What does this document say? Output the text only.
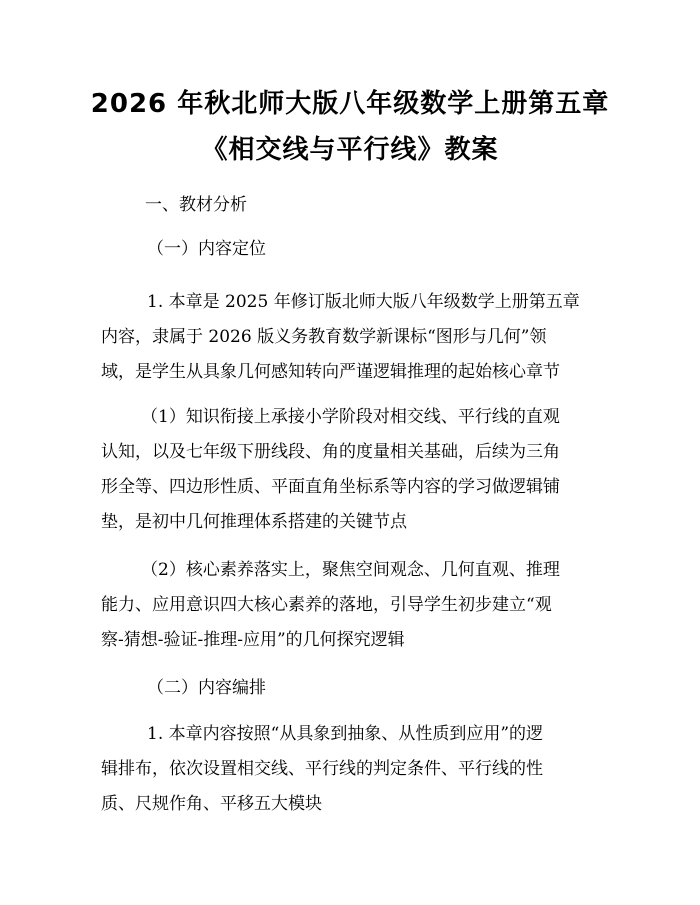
2026 年秋北师大版八年级数学上册第五章
《相交线与平行线》教案
一、教材分析
（一）内容定位
1. 本章是 2025 年修订版北师大版八年级数学上册第五章
内容，隶属于 2026 版义务教育数学新课标“图形与几何”领
域，是学生从具象几何感知转向严谨逻辑推理的起始核心章节
（1）知识衔接上承接小学阶段对相交线、平行线的直观
认知，以及七年级下册线段、角的度量相关基础，后续为三角
形全等、四边形性质、平面直角坐标系等内容的学习做逻辑铺
垫，是初中几何推理体系搭建的关键节点
（2）核心素养落实上，聚焦空间观念、几何直观、推理
能力、应用意识四大核心素养的落地，引导学生初步建立“观
察-猜想-验证-推理-应用”的几何探究逻辑
（二）内容编排
1. 本章内容按照“从具象到抽象、从性质到应用”的逻
辑排布，依次设置相交线、平行线的判定条件、平行线的性
质、尺规作角、平移五大模块
